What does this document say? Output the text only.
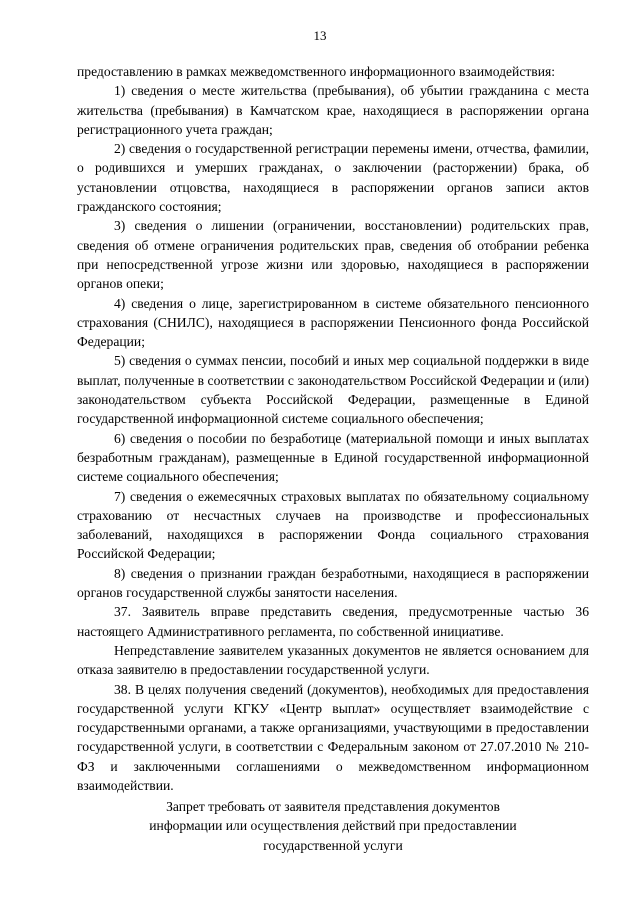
13

предоставлению в рамках межведомственного информационного взаимодействия:

1) сведения о месте жительства (пребывания), об убытии гражданина с места жительства (пребывания) в Камчатском крае, находящиеся в распоряжении органа регистрационного учета граждан;

2) сведения о государственной регистрации перемены имени, отчества, фамилии, о родившихся и умерших гражданах, о заключении (расторжении) брака, об установлении отцовства, находящиеся в распоряжении органов записи актов гражданского состояния;

3) сведения о лишении (ограничении, восстановлении) родительских прав, сведения об отмене ограничения родительских прав, сведения об отобрании ребенка при непосредственной угрозе жизни или здоровью, находящиеся в распоряжении органов опеки;

4) сведения о лице, зарегистрированном в системе обязательного пенсионного страхования (СНИЛС), находящиеся в распоряжении Пенсионного фонда Российской Федерации;

5) сведения о суммах пенсии, пособий и иных мер социальной поддержки в виде выплат, полученные в соответствии с законодательством Российской Федерации и (или) законодательством субъекта Российской Федерации, размещенные в Единой государственной информационной системе социального обеспечения;

6) сведения о пособии по безработице (материальной помощи и иных выплатах безработным гражданам), размещенные в Единой государственной информационной системе социального обеспечения;

7) сведения о ежемесячных страховых выплатах по обязательному социальному страхованию от несчастных случаев на производстве и профессиональных заболеваний, находящихся в распоряжении Фонда социального страхования Российской Федерации;

8) сведения о признании граждан безработными, находящиеся в распоряжении органов государственной службы занятости населения.

37. Заявитель вправе представить сведения, предусмотренные частью 36 настоящего Административного регламента, по собственной инициативе.

Непредставление заявителем указанных документов не является основанием для отказа заявителю в предоставлении государственной услуги.

38. В целях получения сведений (документов), необходимых для предоставления государственной услуги КГКУ «Центр выплат» осуществляет взаимодействие с государственными органами, а также организациями, участвующими в предоставлении государственной услуги, в соответствии с Федеральным законом от 27.07.2010 № 210-ФЗ и заключенными соглашениями о межведомственном информационном взаимодействии.

Запрет требовать от заявителя представления документов
информации или осуществления действий при предоставлении
государственной услуги
